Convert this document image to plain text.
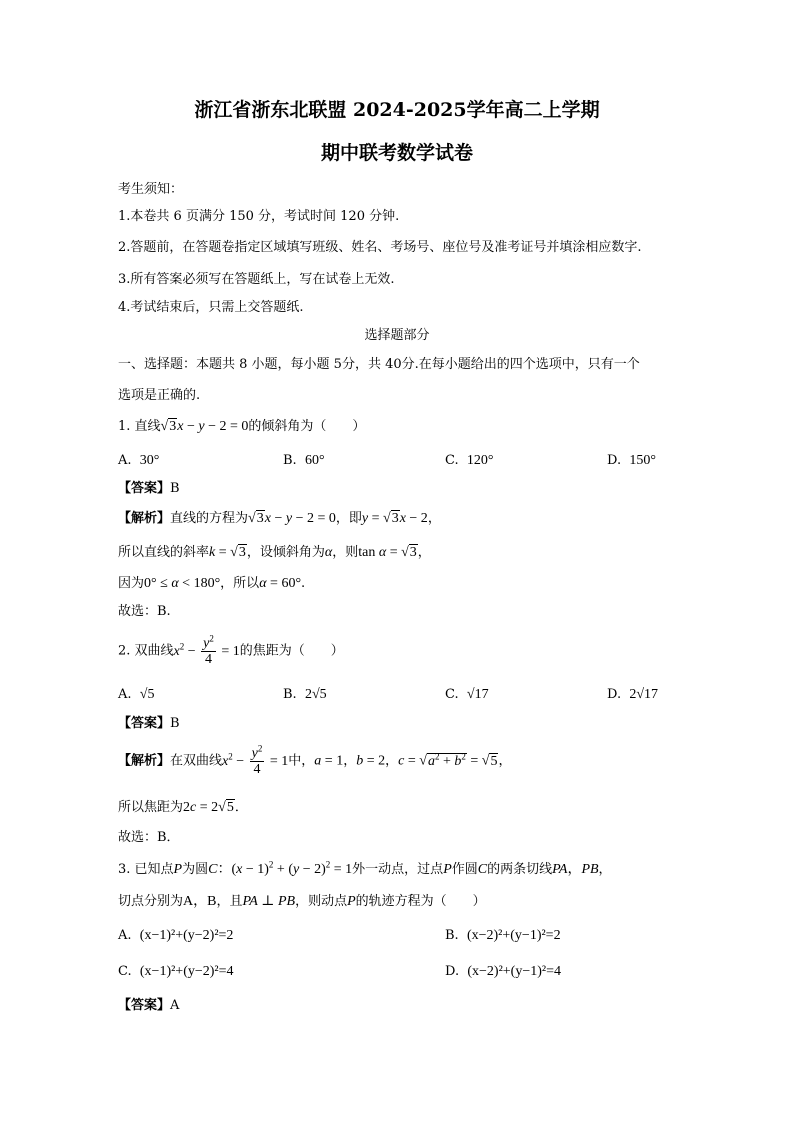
浙江省浙东北联盟 2024-2025学年高二上学期
期中联考数学试卷
考生须知：
1.本卷共 6 页满分 150 分，考试时间 120 分钟.
2.答题前，在答题卷指定区域填写班级、姓名、考场号、座位号及准考证号并填涂相应数字.
3.所有答案必须写在答题纸上，写在试卷上无效.
4.考试结束后，只需上交答题纸.
选择题部分
一、选择题：本题共 8 小题，每小题 5分，共 40分.在每小题给出的四个选项中，只有一个
选项是正确的.
1. 直线√3x − y − 2 = 0的倾斜角为（　　）
A. 30°	B. 60°	C. 120°	D. 150°
【答案】B
【解析】直线的方程为√3x − y − 2 = 0，即y = √3x − 2，
所以直线的斜率k = √3，设倾斜角为α，则tan α = √3，
因为0° ≤ α < 180°，所以α = 60°.
故选：B.
2. 双曲线$x^2 - \frac{y^2}{4} = 1$的焦距为（　　）
A. √5	B. 2√5	C. √17	D. 2√17
【答案】B
【解析】在双曲线$x^2 - \frac{y^2}{4} = 1$中，a = 1，b = 2，$c = √a^2 + b^2 = √5$，
所以焦距为2c = 2√5．
故选：B．
3. 已知点P为圆C：$(x - 1)^2 + (y - 2)^2 = 1$外一动点，过点P作圆C的两条切线PA，PB，
切点分别为A，B，且PA ⊥ PB，则动点P的轨迹方程为（　　）
A. (x−1)²+(y−2)²=2	B. (x−2)²+(y−1)²=2
C. (x−1)²+(y−2)²=4	D. (x−2)²+(y−1)²=4
【答案】A
